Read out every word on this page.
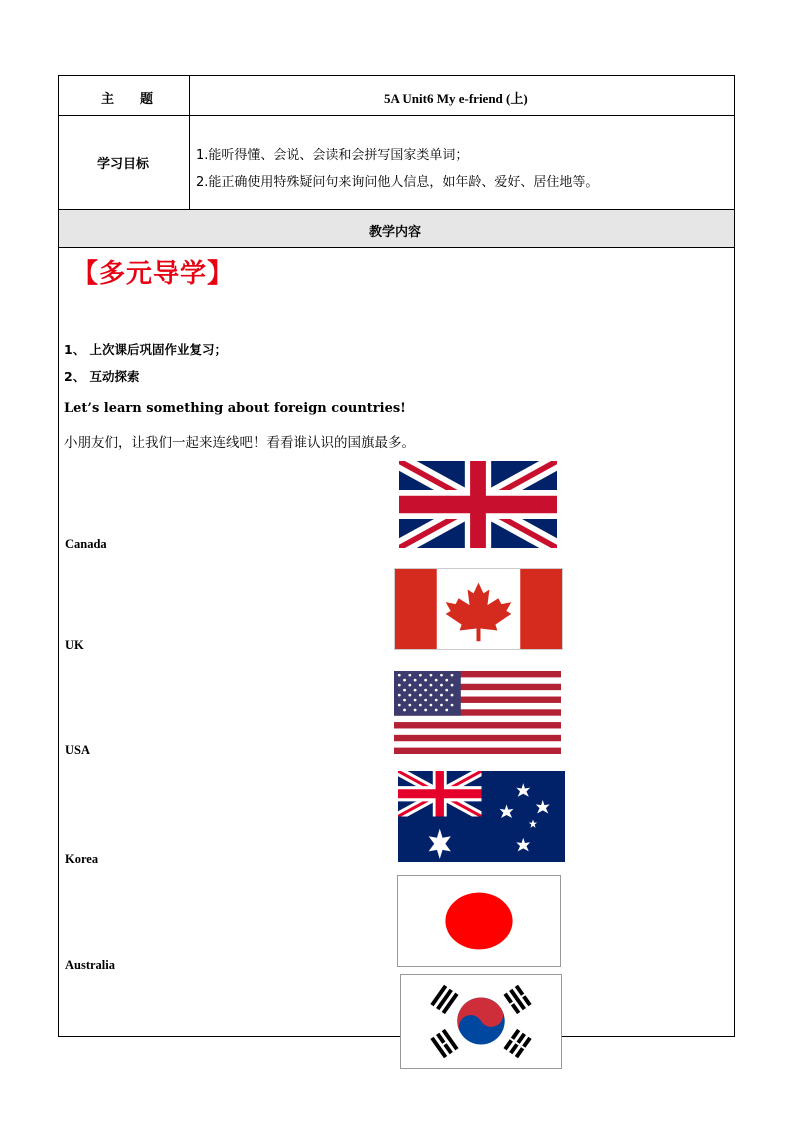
主　　题	5A Unit6 My e-friend (上)
学习目标
1.能听得懂、会说、会读和会拼写国家类单词；
2.能正确使用特殊疑问句来询问他人信息，如年龄、爱好、居住地等。
教学内容
【多元导学】
1、 上次课后巩固作业复习；
2、 互动探索
Let’s learn something about foreign countries!
小朋友们，让我们一起来连线吧！看看谁认识的国旗最多。
Canada
UK
USA
Korea
Australia
